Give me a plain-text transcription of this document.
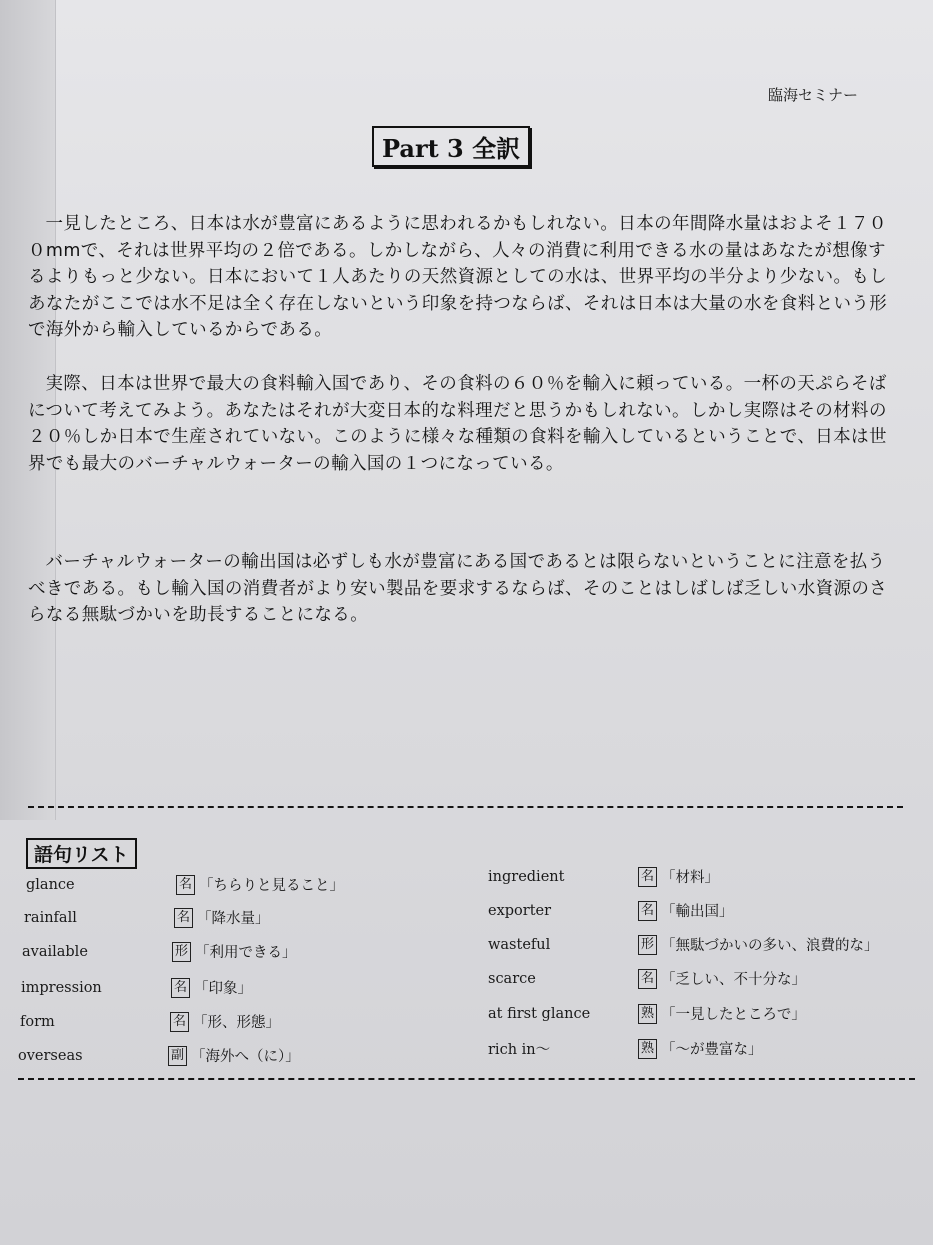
臨海セミナー
Part 3 全訳
一見したところ、日本は水が豊富にあるように思われるかもしれない。日本の年間降水量はおよそ１７００mmで、それは世界平均の２倍である。しかしながら、人々の消費に利用できる水の量はあなたが想像するよりもっと少ない。日本において１人あたりの天然資源としての水は、世界平均の半分より少ない。もしあなたがここでは水不足は全く存在しないという印象を持つならば、それは日本は大量の水を食料という形で海外から輸入しているからである。
実際、日本は世界で最大の食料輸入国であり、その食料の６０％を輸入に頼っている。一杯の天ぷらそばについて考えてみよう。あなたはそれが大変日本的な料理だと思うかもしれない。しかし実際はその材料の２０％しか日本で生産されていない。このように様々な種類の食料を輸入しているということで、日本は世界でも最大のバーチャルウォーターの輸入国の１つになっている。
バーチャルウォーターの輸出国は必ずしも水が豊富にある国であるとは限らないということに注意を払うべきである。もし輸入国の消費者がより安い製品を要求するならば、そのことはしばしば乏しい水資源のさらなる無駄づかいを助長することになる。
語句リスト
glance	名 「ちらりと見ること」
rainfall	名 「降水量」
available	形 「利用できる」
impression	名 「印象」
form	名 「形、形態」
overseas	副 「海外へ（に）」
ingredient	名 「材料」
exporter	名 「輸出国」
wasteful	形 「無駄づかいの多い、浪費的な」
scarce	名 「乏しい、不十分な」
at first glance	熟 「一見したところで」
rich in～	熟 「～が豊富な」
